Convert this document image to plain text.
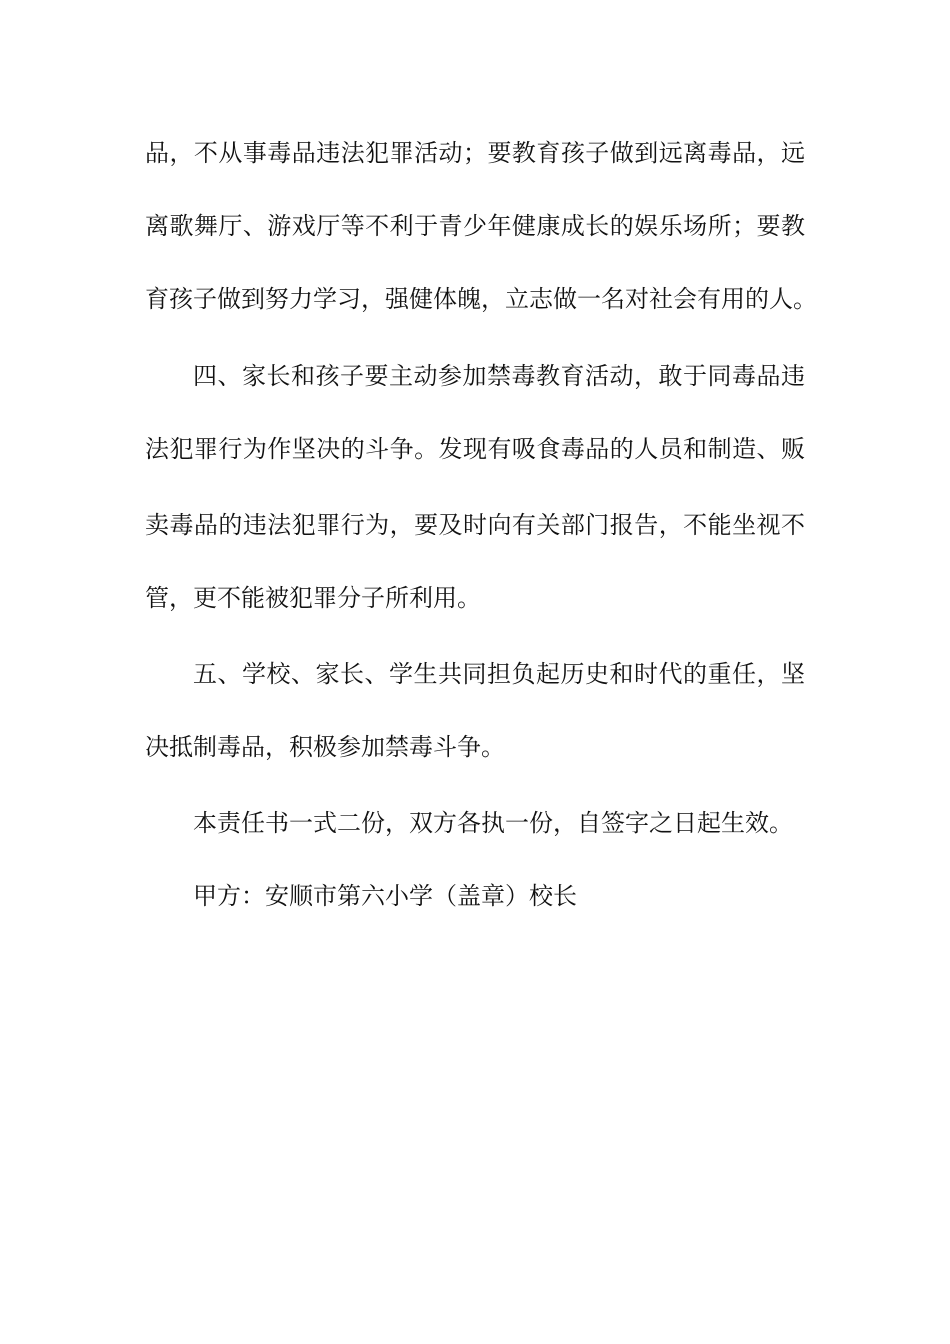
品，不从事毒品违法犯罪活动；要教育孩子做到远离毒品，远
离歌舞厅、游戏厅等不利于青少年健康成长的娱乐场所；要教
育孩子做到努力学习，强健体魄，立志做一名对社会有用的人。
四、家长和孩子要主动参加禁毒教育活动，敢于同毒品违
法犯罪行为作坚决的斗争。发现有吸食毒品的人员和制造、贩
卖毒品的违法犯罪行为，要及时向有关部门报告，不能坐视不
管，更不能被犯罪分子所利用。
五、学校、家长、学生共同担负起历史和时代的重任，坚
决抵制毒品，积极参加禁毒斗争。
本责任书一式二份，双方各执一份，自签字之日起生效。
甲方：安顺市第六小学（盖章）校长
